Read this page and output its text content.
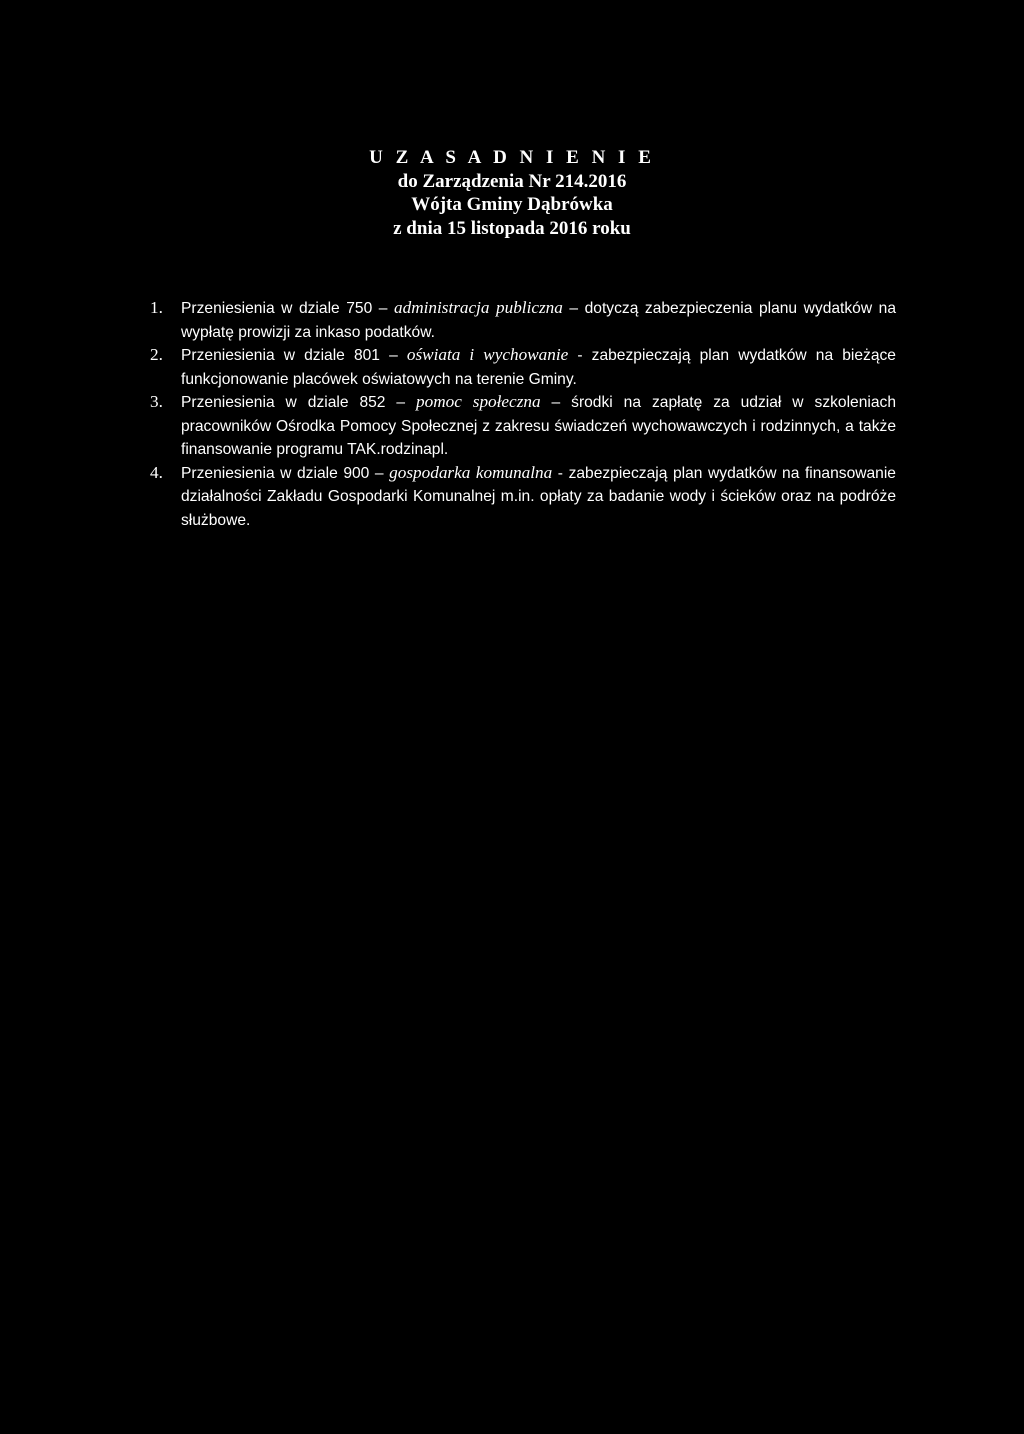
U Z A S A D N I E N I E
do Zarządzenia Nr 214.2016
Wójta Gminy Dąbrówka
z dnia 15 listopada 2016 roku
1. Przeniesienia w dziale 750 – administracja publiczna – dotyczą zabezpieczenia planu wydatków na wypłatę prowizji za inkaso podatków.
2. Przeniesienia w dziale 801 – oświata i wychowanie - zabezpieczają plan wydatków na bieżące funkcjonowanie placówek oświatowych na terenie Gminy.
3. Przeniesienia w dziale 852 – pomoc społeczna – środki na zapłatę za udział w szkoleniach pracowników Ośrodka Pomocy Społecznej z zakresu świadczeń wychowawczych i rodzinnych, a także finansowanie programu TAK.rodzinapl.
4. Przeniesienia w dziale 900 – gospodarka komunalna - zabezpieczają plan wydatków na finansowanie działalności Zakładu Gospodarki Komunalnej m.in. opłaty za badanie wody i ścieków oraz na podróże służbowe.
